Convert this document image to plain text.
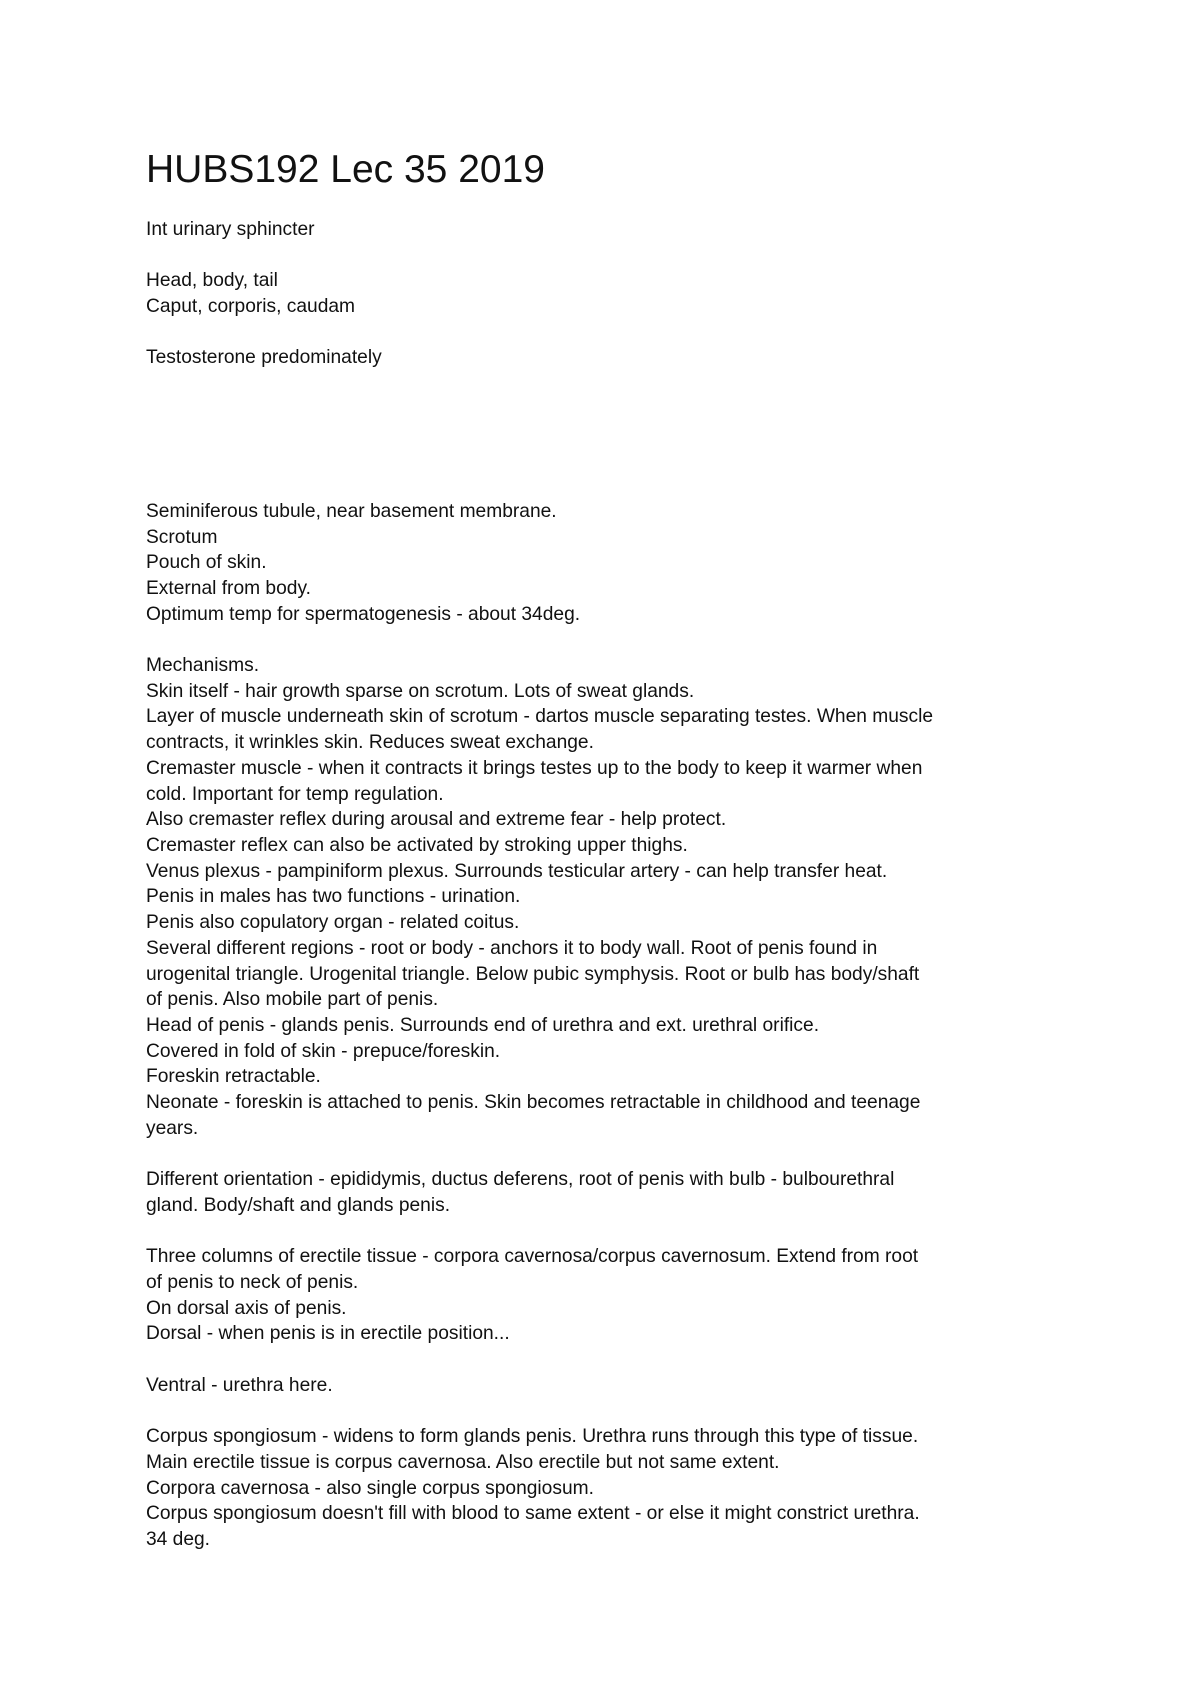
HUBS192 Lec 35 2019
Int urinary sphincter
Head, body, tail
Caput, corporis, caudam
Testosterone predominately
Seminiferous tubule, near basement membrane.
Scrotum
Pouch of skin.
External from body.
Optimum temp for spermatogenesis - about 34deg.
Mechanisms.
Skin itself - hair growth sparse on scrotum. Lots of sweat glands.
Layer of muscle underneath skin of scrotum - dartos muscle separating testes. When muscle
contracts, it wrinkles skin. Reduces sweat exchange.
Cremaster muscle - when it contracts it brings testes up to the body to keep it warmer when
cold. Important for temp regulation.
Also cremaster reflex during arousal and extreme fear - help protect.
Cremaster reflex can also be activated by stroking upper thighs.
Venus plexus - pampiniform plexus. Surrounds testicular artery - can help transfer heat.
Penis in males has two functions - urination.
Penis also copulatory organ - related coitus.
Several different regions - root or body - anchors it to body wall. Root of penis found in
urogenital triangle. Urogenital triangle. Below pubic symphysis. Root or bulb has body/shaft
of penis. Also mobile part of penis.
Head of penis - glands penis. Surrounds end of urethra and ext. urethral orifice.
Covered in fold of skin - prepuce/foreskin.
Foreskin retractable.
Neonate - foreskin is attached to penis. Skin becomes retractable in childhood and teenage
years.
Different orientation - epididymis, ductus deferens, root of penis with bulb - bulbourethral
gland. Body/shaft and glands penis.
Three columns of erectile tissue - corpora cavernosa/corpus cavernosum. Extend from root
of penis to neck of penis.
On dorsal axis of penis.
Dorsal - when penis is in erectile position...
Ventral - urethra here.
Corpus spongiosum - widens to form glands penis. Urethra runs through this type of tissue.
Main erectile tissue is corpus cavernosa. Also erectile but not same extent.
Corpora cavernosa - also single corpus spongiosum.
Corpus spongiosum doesn't fill with blood to same extent - or else it might constrict urethra.
34 deg.
